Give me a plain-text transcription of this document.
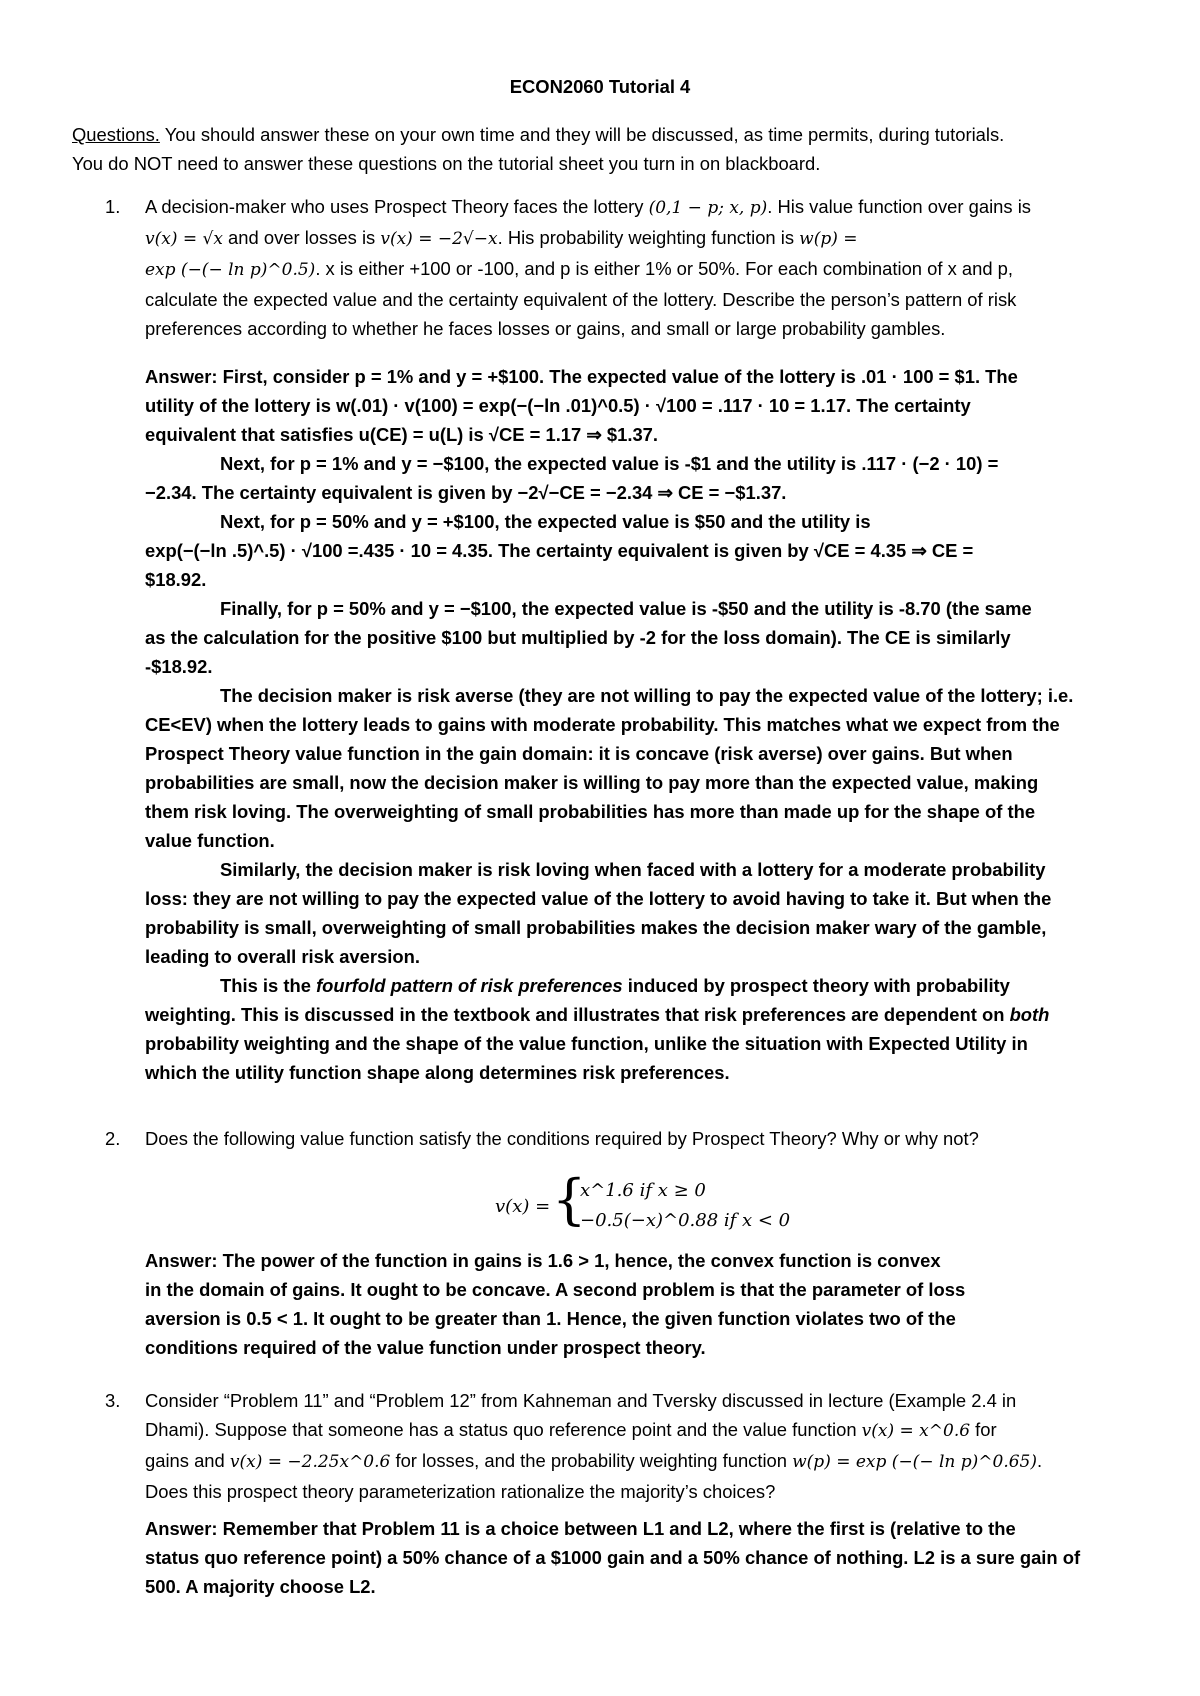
ECON2060 Tutorial 4
Questions. You should answer these on your own time and they will be discussed, as time permits, during tutorials.
You do NOT need to answer these questions on the tutorial sheet you turn in on blackboard.
1. A decision-maker who uses Prospect Theory faces the lottery (0,1 − p; x, p). His value function over gains is
v(x) = √x and over losses is v(x) = −2√−x. His probability weighting function is w(p) =
exp (−(− ln p)^0.5). x is either +100 or -100, and p is either 1% or 50%. For each combination of x and p,
calculate the expected value and the certainty equivalent of the lottery. Describe the person’s pattern of risk
preferences according to whether he faces losses or gains, and small or large probability gambles.

Answer: First, consider p = 1% and y = +$100. The expected value of the lottery is .01 · 100 = $1. The

utility of the lottery is w(.01) · v(100) = exp(−(−ln .01)^0.5) · √100 = .117 · 10 = 1.17. The certainty

equivalent that satisfies u(CE) = u(L) is √CE = 1.17 ⇒ $1.37.

Next, for p = 1% and y = −$100, the expected value is -$1 and the utility is .117 · (−2 · 10) =

−2.34. The certainty equivalent is given by −2√−CE = −2.34 ⇒ CE = −$1.37.

Next, for p = 50% and y = +$100, the expected value is $50 and the utility is

exp(−(−ln .5)^.5) · √100 =.435 · 10 = 4.35. The certainty equivalent is given by √CE = 4.35 ⇒ CE =

$18.92.

Finally, for p = 50% and y = −$100, the expected value is -$50 and the utility is -8.70 (the same

as the calculation for the positive $100 but multiplied by -2 for the loss domain). The CE is similarly

-$18.92.

The decision maker is risk averse (they are not willing to pay the expected value of the lottery; i.e.

CE<EV) when the lottery leads to gains with moderate probability. This matches what we expect from the

Prospect Theory value function in the gain domain: it is concave (risk averse) over gains. But when

probabilities are small, now the decision maker is willing to pay more than the expected value, making

them risk loving. The overweighting of small probabilities has more than made up for the shape of the

value function.

Similarly, the decision maker is risk loving when faced with a lottery for a moderate probability

loss: they are not willing to pay the expected value of the lottery to avoid having to take it. But when the

probability is small, overweighting of small probabilities makes the decision maker wary of the gamble,

leading to overall risk aversion.

This is the fourfold pattern of risk preferences induced by prospect theory with probability

weighting. This is discussed in the textbook and illustrates that risk preferences are dependent on both

probability weighting and the shape of the value function, unlike the situation with Expected Utility in

which the utility function shape along determines risk preferences.

2. Does the following value function satisfy the conditions required by Prospect Theory? Why or why not?
v(x) = {
x^1.6 if x ≥ 0
−0.5(−x)^0.88 if x < 0

Answer: The power of the function in gains is 1.6 > 1, hence, the convex function is convex

in the domain of gains. It ought to be concave. A second problem is that the parameter of loss

aversion is 0.5 < 1. It ought to be greater than 1. Hence, the given function violates two of the

conditions required of the value function under prospect theory.

3. Consider “Problem 11” and “Problem 12” from Kahneman and Tversky discussed in lecture (Example 2.4 in
Dhami). Suppose that someone has a status quo reference point and the value function v(x) = x^0.6 for
gains and v(x) = −2.25x^0.6 for losses, and the probability weighting function w(p) = exp (−(− ln p)^0.65).
Does this prospect theory parameterization rationalize the majority’s choices?

Answer: Remember that Problem 11 is a choice between L1 and L2, where the first is (relative to the

status quo reference point) a 50% chance of a $1000 gain and a 50% chance of nothing. L2 is a sure gain of

500. A majority choose L2.
